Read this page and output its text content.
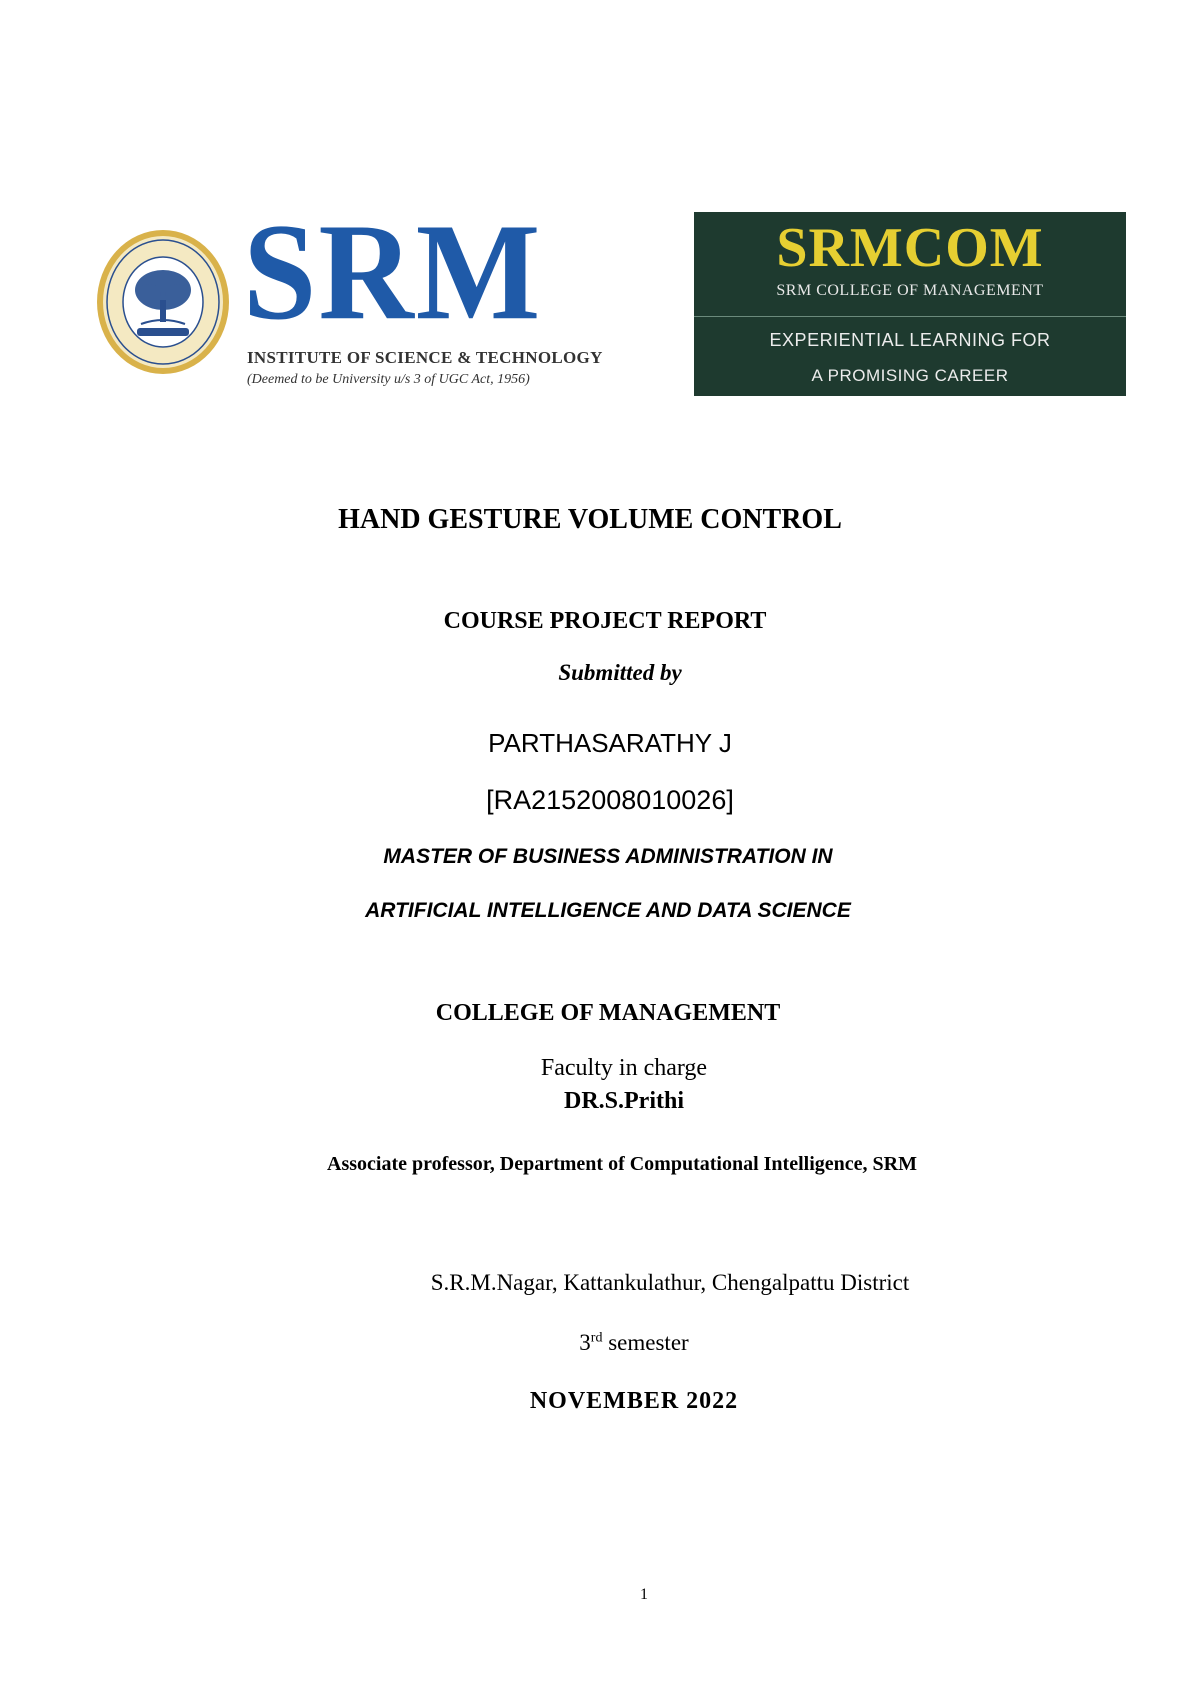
SRM
INSTITUTE OF SCIENCE & TECHNOLOGY
(Deemed to be University u/s 3 of UGC Act, 1956)
SRMCOM
SRM COLLEGE OF MANAGEMENT
EXPERIENTIAL LEARNING FOR
A PROMISING CAREER
HAND GESTURE VOLUME CONTROL
COURSE PROJECT REPORT
Submitted by
PARTHASARATHY J
[RA2152008010026]
MASTER OF BUSINESS ADMINISTRATION IN
ARTIFICIAL INTELLIGENCE AND DATA SCIENCE
COLLEGE OF MANAGEMENT
Faculty in charge
DR.S.Prithi
Associate professor, Department of Computational Intelligence, SRM
S.R.M.Nagar, Kattankulathur, Chengalpattu District
3rd semester
NOVEMBER 2022
1
